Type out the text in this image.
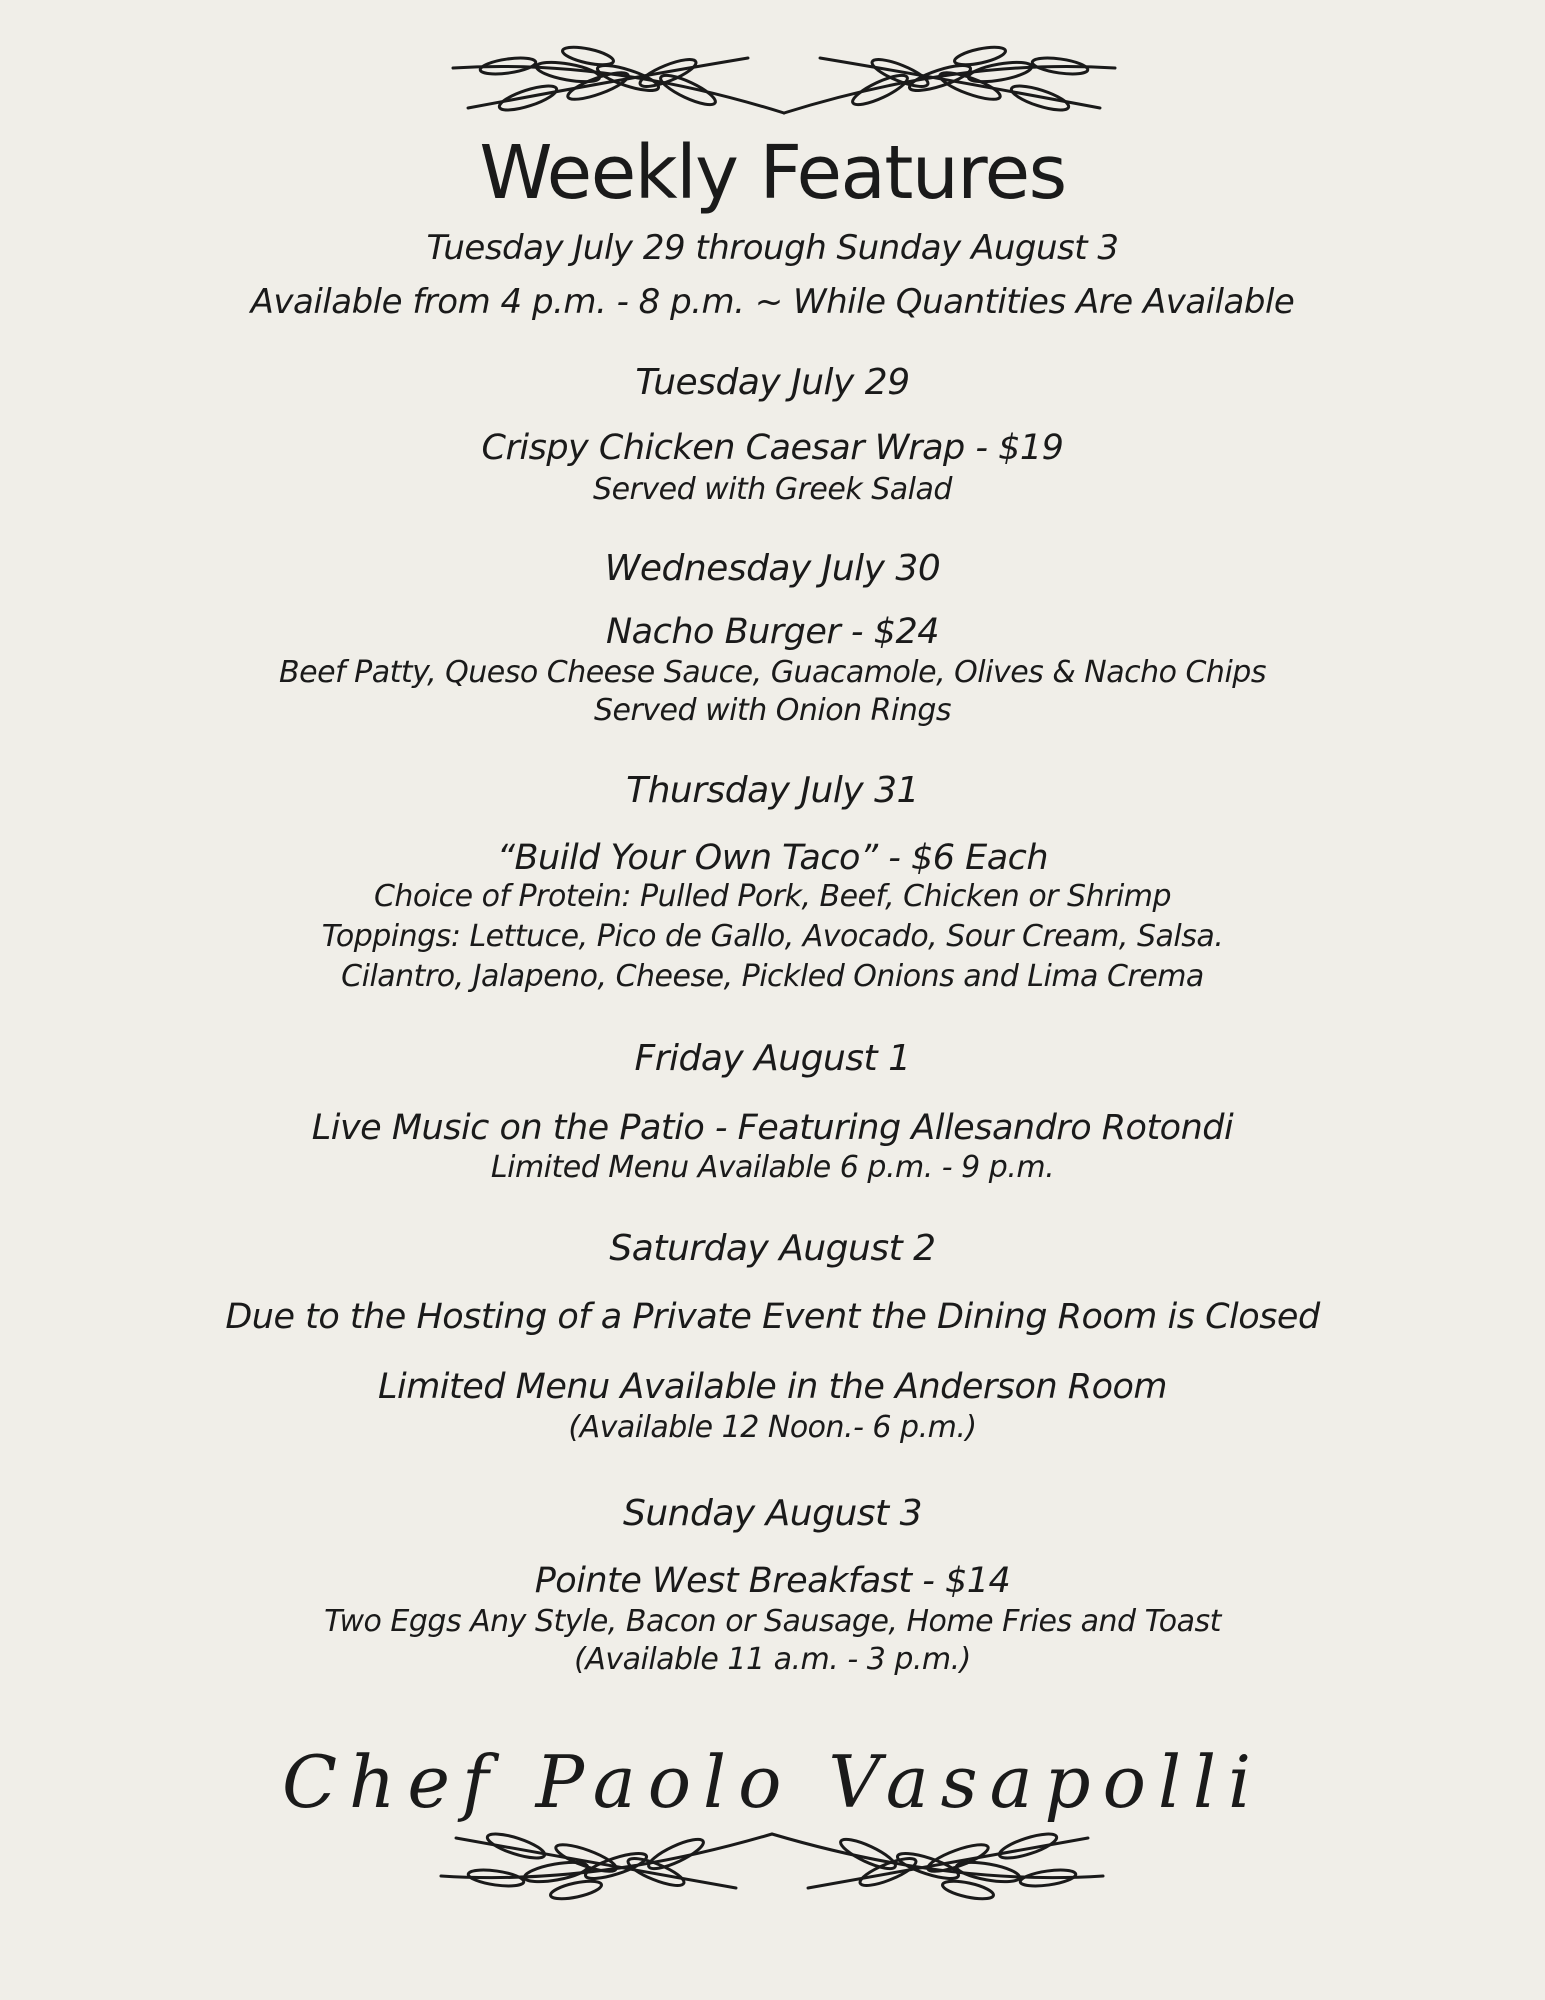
Weekly Features
Tuesday July 29 through Sunday August 3
Available from 4 p.m. - 8 p.m. ~ While Quantities Are Available
Tuesday July 29
Crispy Chicken Caesar Wrap - $19
Served with Greek Salad
Wednesday July 30
Nacho Burger - $24
Beef Patty, Queso Cheese Sauce, Guacamole, Olives & Nacho Chips
Served with Onion Rings
Thursday July 31
“Build Your Own Taco” - $6 Each
Choice of Protein: Pulled Pork, Beef, Chicken or Shrimp
Toppings: Lettuce, Pico de Gallo, Avocado, Sour Cream, Salsa.
Cilantro, Jalapeno, Cheese, Pickled Onions and Lima Crema
Friday August 1
Live Music on the Patio - Featuring Allesandro Rotondi
Limited Menu Available 6 p.m. - 9 p.m.
Saturday August 2
Due to the Hosting of a Private Event the Dining Room is Closed
Limited Menu Available in the Anderson Room
(Available 12 Noon.- 6 p.m.)
Sunday August 3
Pointe West Breakfast - $14
Two Eggs Any Style, Bacon or Sausage, Home Fries and Toast
(Available 11 a.m. - 3 p.m.)
Chef Paolo Vasapolli
